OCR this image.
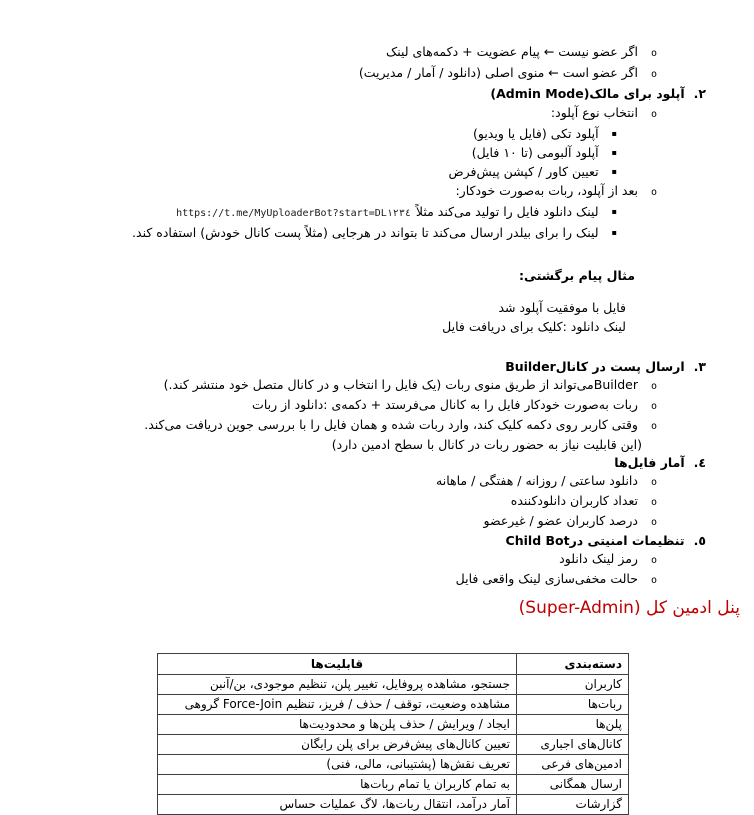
oاگر عضو نیست ← پیام عضویت + دکمه‌های لینک
oاگر عضو است ← منوی اصلی (دانلود / آمار / مدیریت)
۲.آپلود برای مالک(Admin Mode)
oانتخاب نوع آپلود:
▪آپلود تکی (فایل یا ویدیو)
▪آپلود آلبومی (تا ۱۰ فایل)
▪تعیین کاور / کپشن پیش‌فرض
oبعد از آپلود، ربات به‌صورت خودکار:
▪لینک دانلود فایل را تولید می‌کند مثلاًhttps://t.me/MyUploaderBot?start=DL١٢٣٤
▪لینک را برای بیلدر ارسال می‌کند تا بتواند در هرجایی (مثلاً پست کانال خودش) استفاده کند.
مثال پیام برگشتی:
فایل با موفقیت آپلود شد
لینک دانلود :کلیک برای دریافت فایل
۳.ارسال پست در کانالBuilder
oBuilderمی‌تواند از طریق منوی ربات (یک فایل را انتخاب و در کانال متصل خود منتشر کند.)
oربات به‌صورت خودکار فایل را به کانال می‌فرستد + دکمه‌ی :دانلود از ربات
oوقتی کاربر روی دکمه کلیک کند، وارد ربات شده و همان فایل را با بررسی جوین دریافت می‌کند.
(این قابلیت نیاز به حضور ربات در کانال با سطح ادمین دارد)
٤.آمار فایل‌ها
oدانلود ساعتی / روزانه / هفتگی / ماهانه
oتعداد کاربران دانلودکننده
oدرصد کاربران عضو / غیرعضو
٥.تنظیمات امنیتی درChild Bot
oرمز لینک دانلود
oحالت مخفی‌سازی لینک واقعی فایل
پنل ادمین کل (Super-Admin)
دسته‌بندی	قابلیت‌ها
کاربران	جستجو، مشاهده پروفایل، تغییر پلن، تنظیم موجودی، بن/آنبن
ربات‌ها	مشاهده وضعیت، توقف / حذف / فریز، تنظیم Force-Join گروهی
پلن‌ها	ایجاد / ویرایش / حذف پلن‌ها و محدودیت‌ها
کانال‌های اجباری	تعیین کانال‌های پیش‌فرض برای پلن رایگان
ادمین‌های فرعی	تعریف نقش‌ها (پشتیبانی، مالی، فنی)
ارسال همگانی	به تمام کاربران یا تمام ربات‌ها
گزارشات	آمار درآمد، انتقال ربات‌ها، لاگ عملیات حساس
